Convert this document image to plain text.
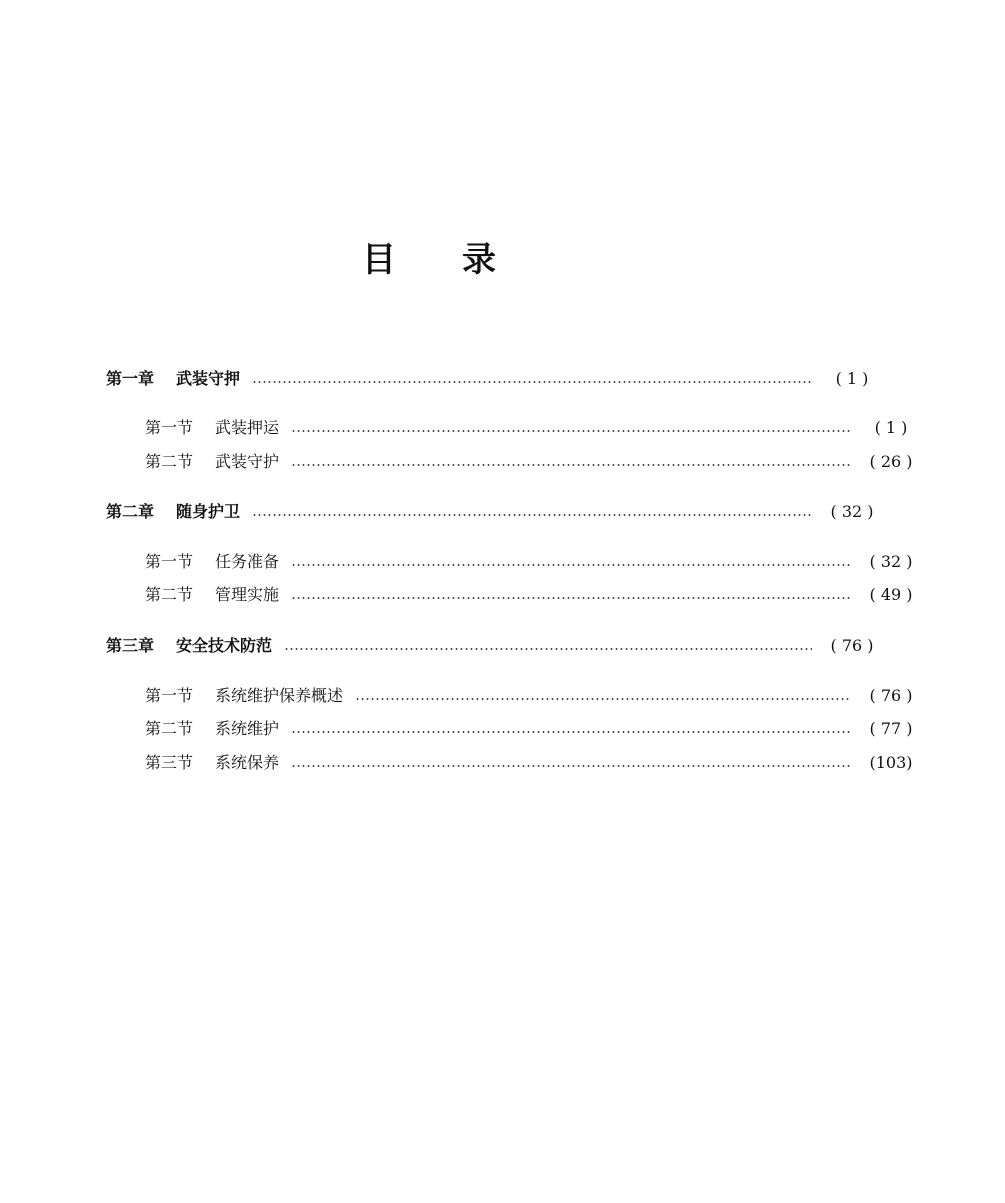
目 录
第一章 武装守押	( 1 )
第一节 武装押运	( 1 )
第二节 武装守护	( 26 )
第二章 随身护卫	( 32 )
第一节 任务准备	( 32 )
第二节 管理实施	( 49 )
第三章 安全技术防范	( 76 )
第一节 系统维护保养概述	( 76 )
第二节 系统维护	( 77 )
第三节 系统保养	(103)
